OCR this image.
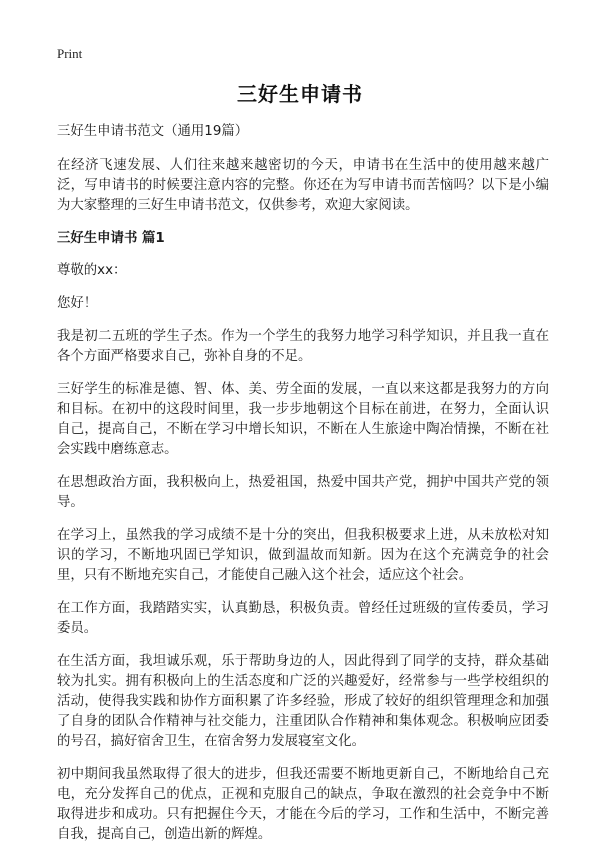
Print
三好生申请书

三好生申请书范文（通用19篇）

在经济飞速发展、人们往来越来越密切的今天，申请书在生活中的使用越来越广泛，写申请书的时候要注意内容的完整。你还在为写申请书而苦恼吗？以下是小编为大家整理的三好生申请书范文，仅供参考，欢迎大家阅读。

三好生申请书 篇1

尊敬的xx：

您好！

我是初二五班的学生子杰。作为一个学生的我努力地学习科学知识，并且我一直在各个方面严格要求自己，弥补自身的不足。

三好学生的标准是德、智、体、美、劳全面的发展，一直以来这都是我努力的方向和目标。在初中的这段时间里，我一步步地朝这个目标在前进，在努力，全面认识自己，提高自己，不断在学习中增长知识，不断在人生旅途中陶冶情操，不断在社会实践中磨练意志。

在思想政治方面，我积极向上，热爱祖国，热爱中国共产党，拥护中国共产党的领导。

在学习上，虽然我的学习成绩不是十分的突出，但我积极要求上进，从未放松对知识的学习，不断地巩固已学知识，做到温故而知新。因为在这个充满竞争的社会里，只有不断地充实自己，才能使自己融入这个社会，适应这个社会。

在工作方面，我踏踏实实，认真勤恳，积极负责。曾经任过班级的宣传委员，学习委员。

在生活方面，我坦诚乐观，乐于帮助身边的人，因此得到了同学的支持，群众基础较为扎实。拥有积极向上的生活态度和广泛的兴趣爱好，经常参与一些学校组织的活动，使得我实践和协作方面积累了许多经验，形成了较好的组织管理理念和加强了自身的团队合作精神与社交能力，注重团队合作精神和集体观念。积极响应团委的号召，搞好宿舍卫生，在宿舍努力发展寝室文化。

初中期间我虽然取得了很大的进步，但我还需要不断地更新自己，不断地给自己充电，充分发挥自己的优点，正视和克服自己的缺点，争取在激烈的社会竞争中不断取得进步和成功。只有把握住今天，才能在今后的学习，工作和生活中，不断完善自我，提高自己，创造出新的辉煌。
